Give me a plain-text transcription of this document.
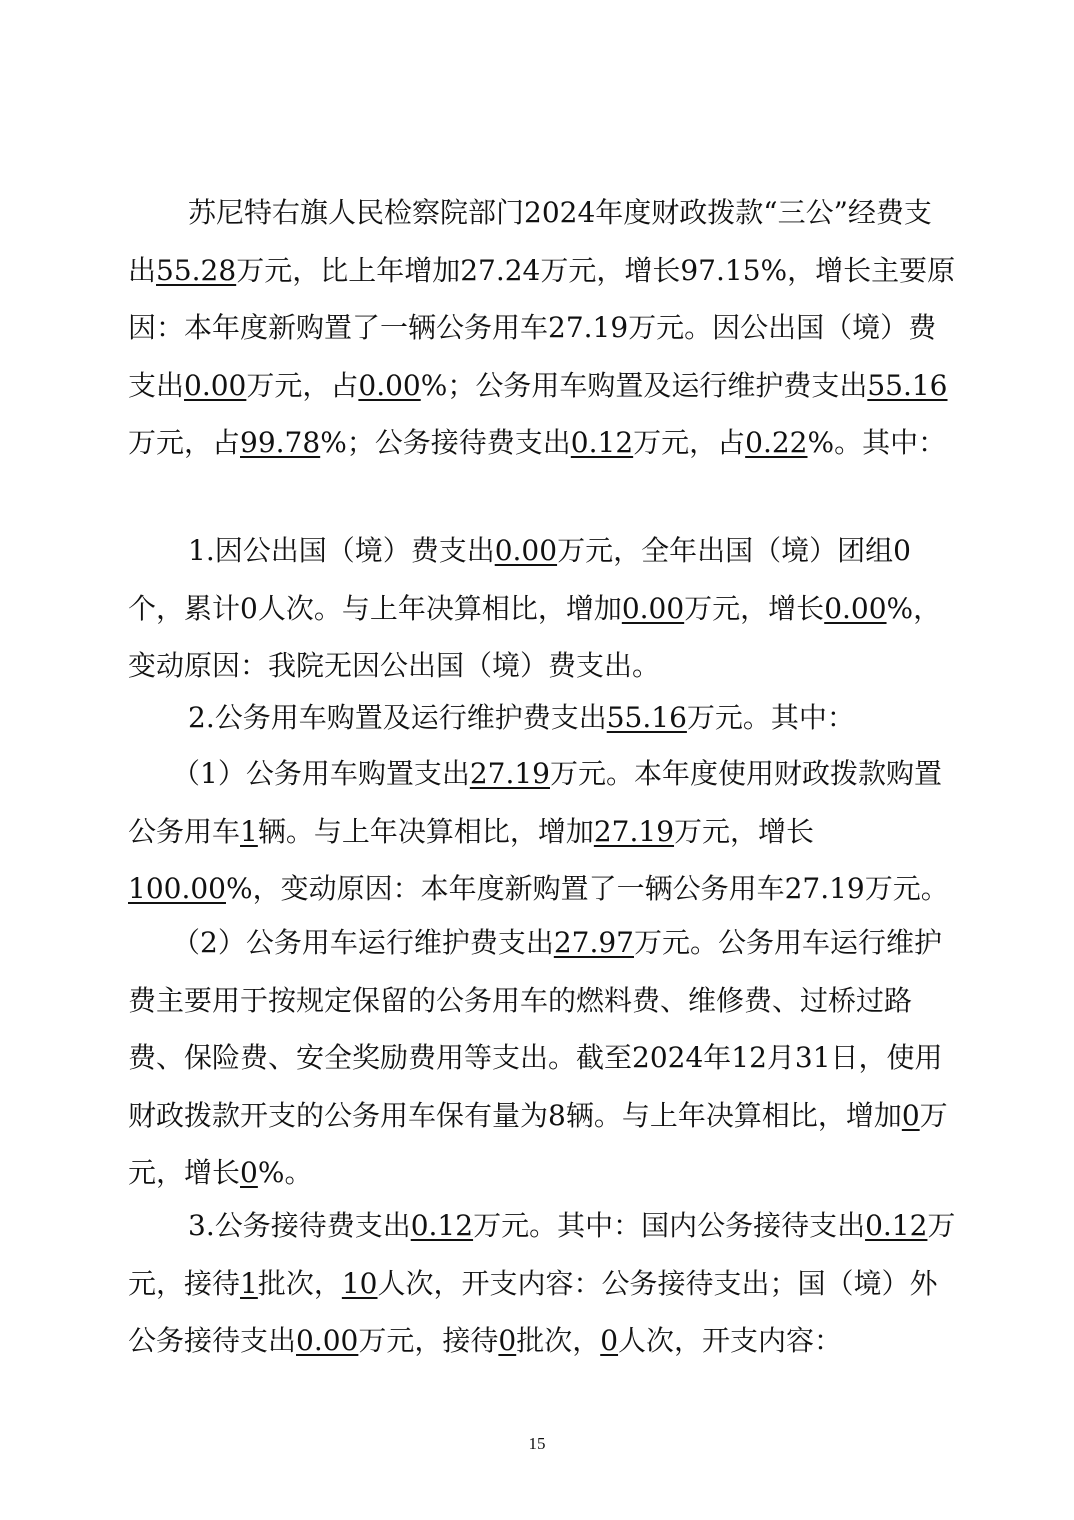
苏尼特右旗人民检察院部门2024年度财政拨款“三公”经费支出55.28万元，比上年增加27.24万元，增长97.15%，增长主要原因：本年度新购置了一辆公务用车27.19万元。因公出国（境）费支出0.00万元，占0.00%；公务用车购置及运行维护费支出55.16万元，占99.78%；公务接待费支出0.12万元，占0.22%。其中：

1.因公出国（境）费支出0.00万元，全年出国（境）团组0个，累计0人次。与上年决算相比，增加0.00万元，增长0.00%，变动原因：我院无因公出国（境）费支出。

2.公务用车购置及运行维护费支出55.16万元。其中：

（1）公务用车购置支出27.19万元。本年度使用财政拨款购置公务用车1辆。与上年决算相比，增加27.19万元，增长100.00%，变动原因：本年度新购置了一辆公务用车27.19万元。

（2）公务用车运行维护费支出27.97万元。公务用车运行维护费主要用于按规定保留的公务用车的燃料费、维修费、过桥过路费、保险费、安全奖励费用等支出。截至2024年12月31日，使用财政拨款开支的公务用车保有量为8辆。与上年决算相比，增加0万元，增长0%。

3.公务接待费支出0.12万元。其中：国内公务接待支出0.12万元，接待1批次，10人次，开支内容：公务接待支出；国（境）外公务接待支出0.00万元，接待0批次，0人次，开支内容：

15
